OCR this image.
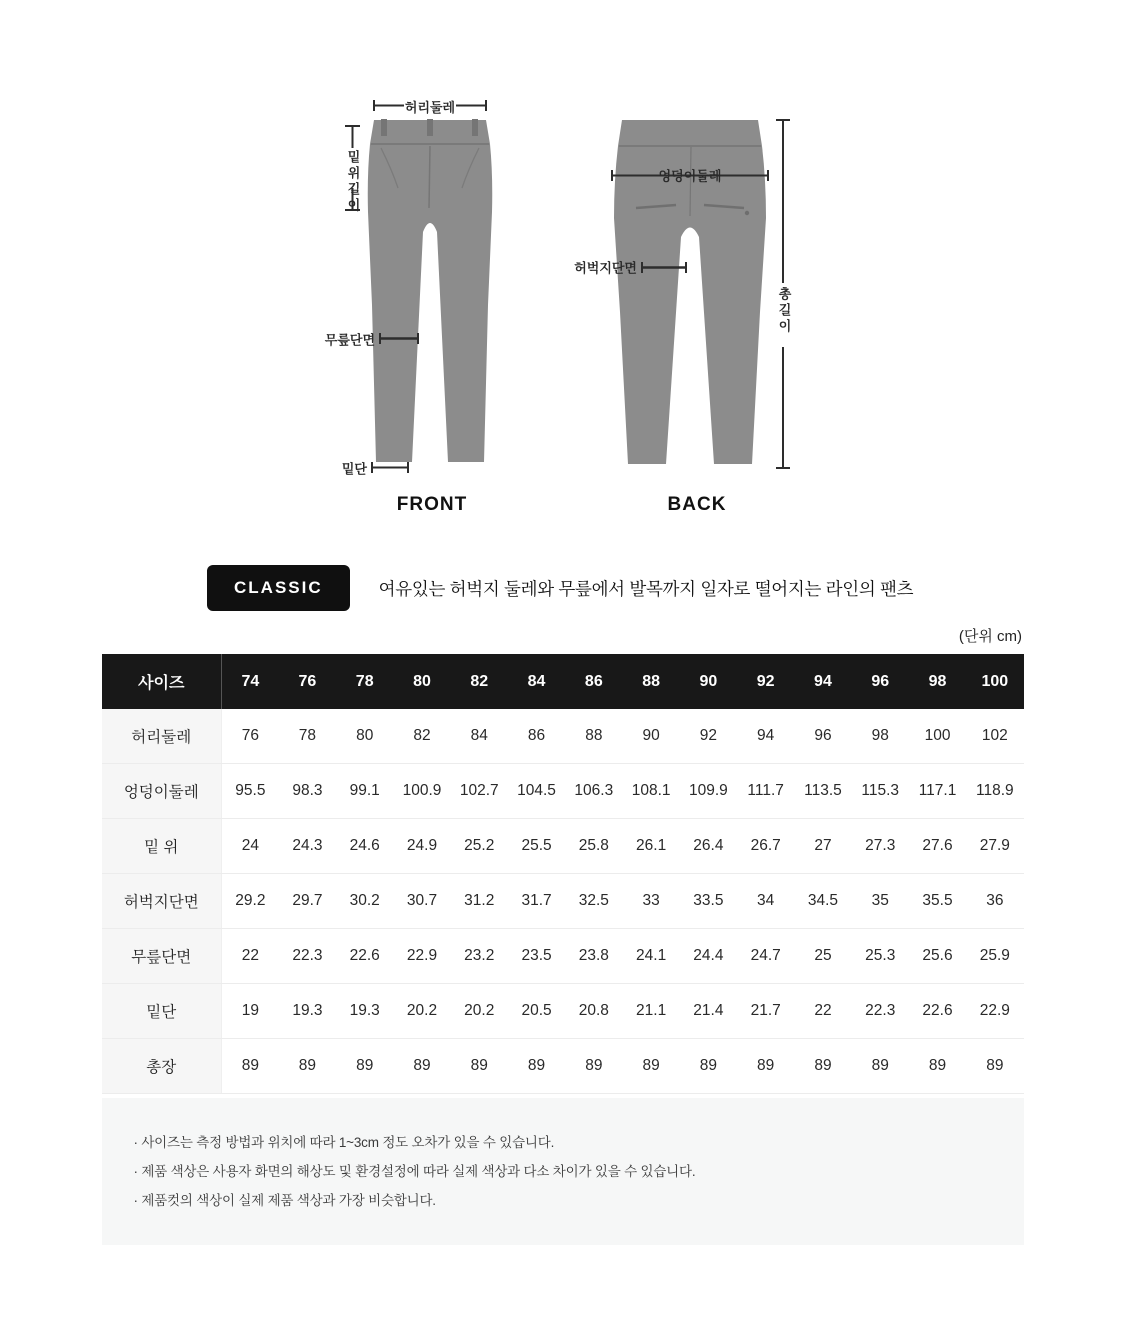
허리둘레
밑위길이
무릎단면
밑단
FRONT
엉덩이둘레
허벅지단면
총길이
BACK
CLASSIC	여유있는 허벅지 둘레와 무릎에서 발목까지 일자로 떨어지는 라인의 팬츠
(단위 cm)
사이즈	74	76	78	80	82	84	86	88	90	92	94	96	98	100
허리둘레	76	78	80	82	84	86	88	90	92	94	96	98	100	102
엉덩이둘레	95.5	98.3	99.1	100.9	102.7	104.5	106.3	108.1	109.9	111.7	113.5	115.3	117.1	118.9
밑 위	24	24.3	24.6	24.9	25.2	25.5	25.8	26.1	26.4	26.7	27	27.3	27.6	27.9
허벅지단면	29.2	29.7	30.2	30.7	31.2	31.7	32.5	33	33.5	34	34.5	35	35.5	36
무릎단면	22	22.3	22.6	22.9	23.2	23.5	23.8	24.1	24.4	24.7	25	25.3	25.6	25.9
밑단	19	19.3	19.3	20.2	20.2	20.5	20.8	21.1	21.4	21.7	22	22.3	22.6	22.9
총장	89	89	89	89	89	89	89	89	89	89	89	89	89	89
· 사이즈는 측정 방법과 위치에 따라 1~3cm 정도 오차가 있을 수 있습니다.
· 제품 색상은 사용자 화면의 해상도 및 환경설정에 따라 실제 색상과 다소 차이가 있을 수 있습니다.
· 제품컷의 색상이 실제 제품 색상과 가장 비슷합니다.
